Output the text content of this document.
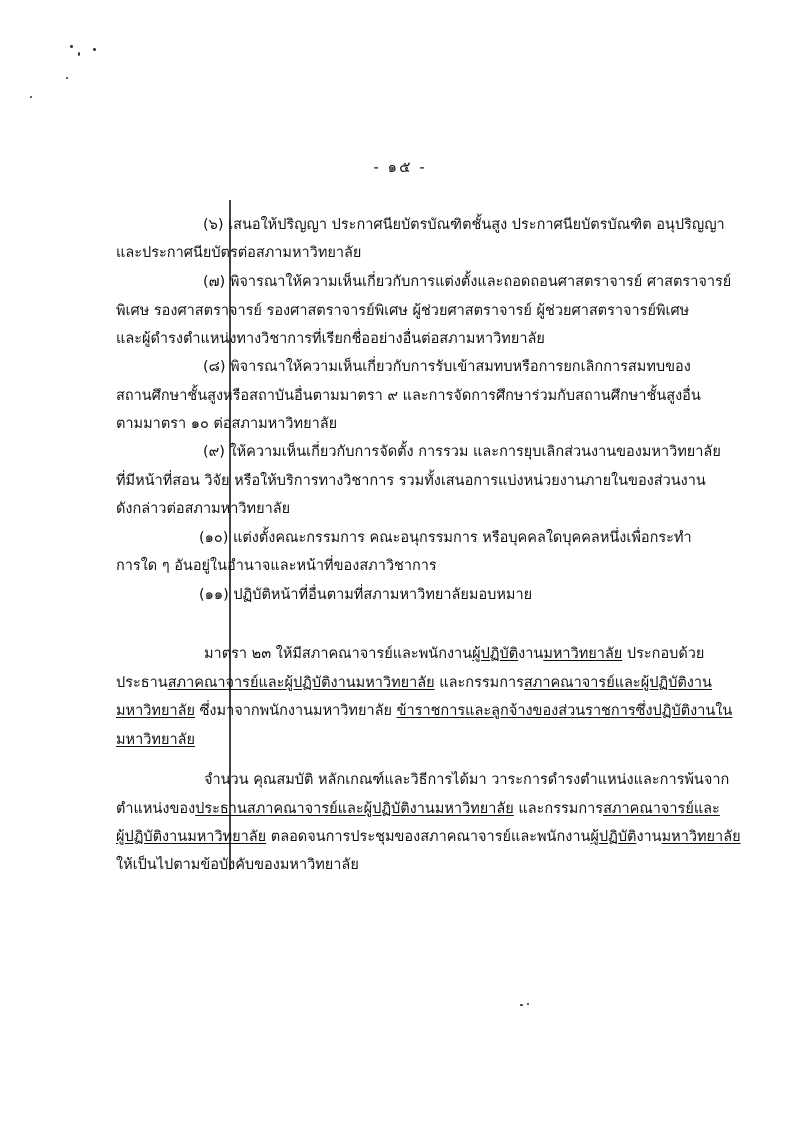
- ๑๕ -
(๖) เสนอให้ปริญญา ประกาศนียบัตรบัณฑิตชั้นสูง ประกาศนียบัตรบัณฑิต อนุปริญญา
และประกาศนียบัตรต่อสภามหาวิทยาลัย
(๗) พิจารณาให้ความเห็นเกี่ยวกับการแต่งตั้งและถอดถอนศาสตราจารย์ ศาสตราจารย์
พิเศษ รองศาสตราจารย์ รองศาสตราจารย์พิเศษ ผู้ช่วยศาสตราจารย์ ผู้ช่วยศาสตราจารย์พิเศษ
และผู้ดำรงตำแหน่งทางวิชาการที่เรียกชื่ออย่างอื่นต่อสภามหาวิทยาลัย
(๘) พิจารณาให้ความเห็นเกี่ยวกับการรับเข้าสมทบหรือการยกเลิกการสมทบของ
สถานศึกษาชั้นสูงหรือสถาบันอื่นตามมาตรา ๙ และการจัดการศึกษาร่วมกับสถานศึกษาชั้นสูงอื่น
ตามมาตรา ๑๐ ต่อสภามหาวิทยาลัย
(๙) ให้ความเห็นเกี่ยวกับการจัดตั้ง การรวม และการยุบเลิกส่วนงานของมหาวิทยาลัย
ที่มีหน้าที่สอน วิจัย หรือให้บริการทางวิชาการ รวมทั้งเสนอการแบ่งหน่วยงานภายในของส่วนงาน
ดังกล่าวต่อสภามหาวิทยาลัย
(๑๐) แต่งตั้งคณะกรรมการ คณะอนุกรรมการ หรือบุคคลใดบุคคลหนึ่งเพื่อกระทำ
การใด ๆ อันอยู่ในอำนาจและหน้าที่ของสภาวิชาการ
(๑๑) ปฏิบัติหน้าที่อื่นตามที่สภามหาวิทยาลัยมอบหมาย
มาตรา ๒๓ ให้มีสภาคณาจารย์และพนักงานผู้ปฏิบัติงานมหาวิทยาลัย ประกอบด้วย
ประธานสภาคณาจารย์และผู้ปฏิบัติงานมหาวิทยาลัย และกรรมการสภาคณาจารย์และผู้ปฏิบัติงาน
มหาวิทยาลัย ซึ่งมาจากพนักงานมหาวิทยาลัย ข้าราชการและลูกจ้างของส่วนราชการซึ่งปฏิบัติงานใน
มหาวิทยาลัย
จำนวน คุณสมบัติ หลักเกณฑ์และวิธีการได้มา วาระการดำรงตำแหน่งและการพ้นจาก
ตำแหน่งของประธานสภาคณาจารย์และผู้ปฏิบัติงานมหาวิทยาลัย และกรรมการสภาคณาจารย์และ
ผู้ปฏิบัติงานมหาวิทยาลัย ตลอดจนการประชุมของสภาคณาจารย์และพนักงานผู้ปฏิบัติงานมหาวิทยาลัย
ให้เป็นไปตามข้อบังคับของมหาวิทยาลัย
